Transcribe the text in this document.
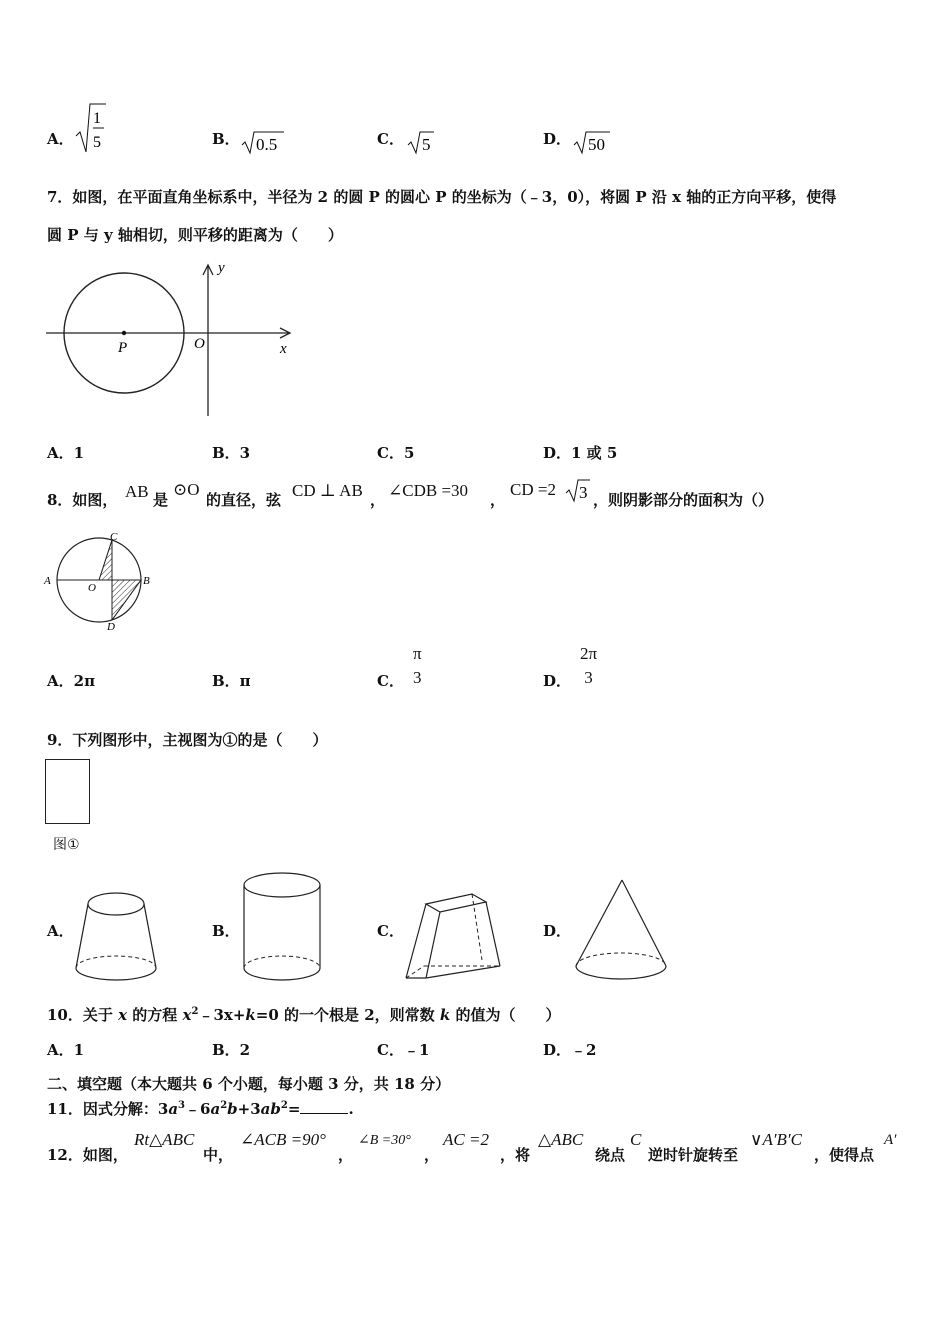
A．
1
5	B． 0.5	C． 5	D． 50
7．如图，在平面直角坐标系中，半径为 2 的圆 P 的圆心 P 的坐标为（﹣3，0），将圆 P 沿 x 轴的正方向平移，使得
圆 P 与 y 轴相切，则平移的距离为（　　）
y
x
O
P
A．1	B．3	C．5	D．1 或 5
8．如图， AB 是
⊙O
的直径，弦 CD ⊥ AB ， ∠CDB =30 ，
CD =2 3 ，则阴影部分的面积为（）
A	B
C
D
O
A．2π	B．π	C．
π
3	D．
2π
3
9．下列图形中，主视图为①的是（　　）
图①
A．	B．	C．	D．
10．关于 x 的方程 $x^2﹣3x+k=0$ 的一个根是 2，则常数 k 的值为（　　）
A．1	B．2	C．﹣1	D．﹣2
二、填空题（本大题共 6 个小题，每小题 3 分，共 18 分）
11．因式分解：$3a^3﹣6a^2b+3ab^2=$	.
12．如图，
Rt△ABC
中，
∠ACB =90°
，
∠B =30°
，
AC =2
，将
△ABC
绕点
C
逆时针旋转至
∨A′B′C
，使得点
A′
